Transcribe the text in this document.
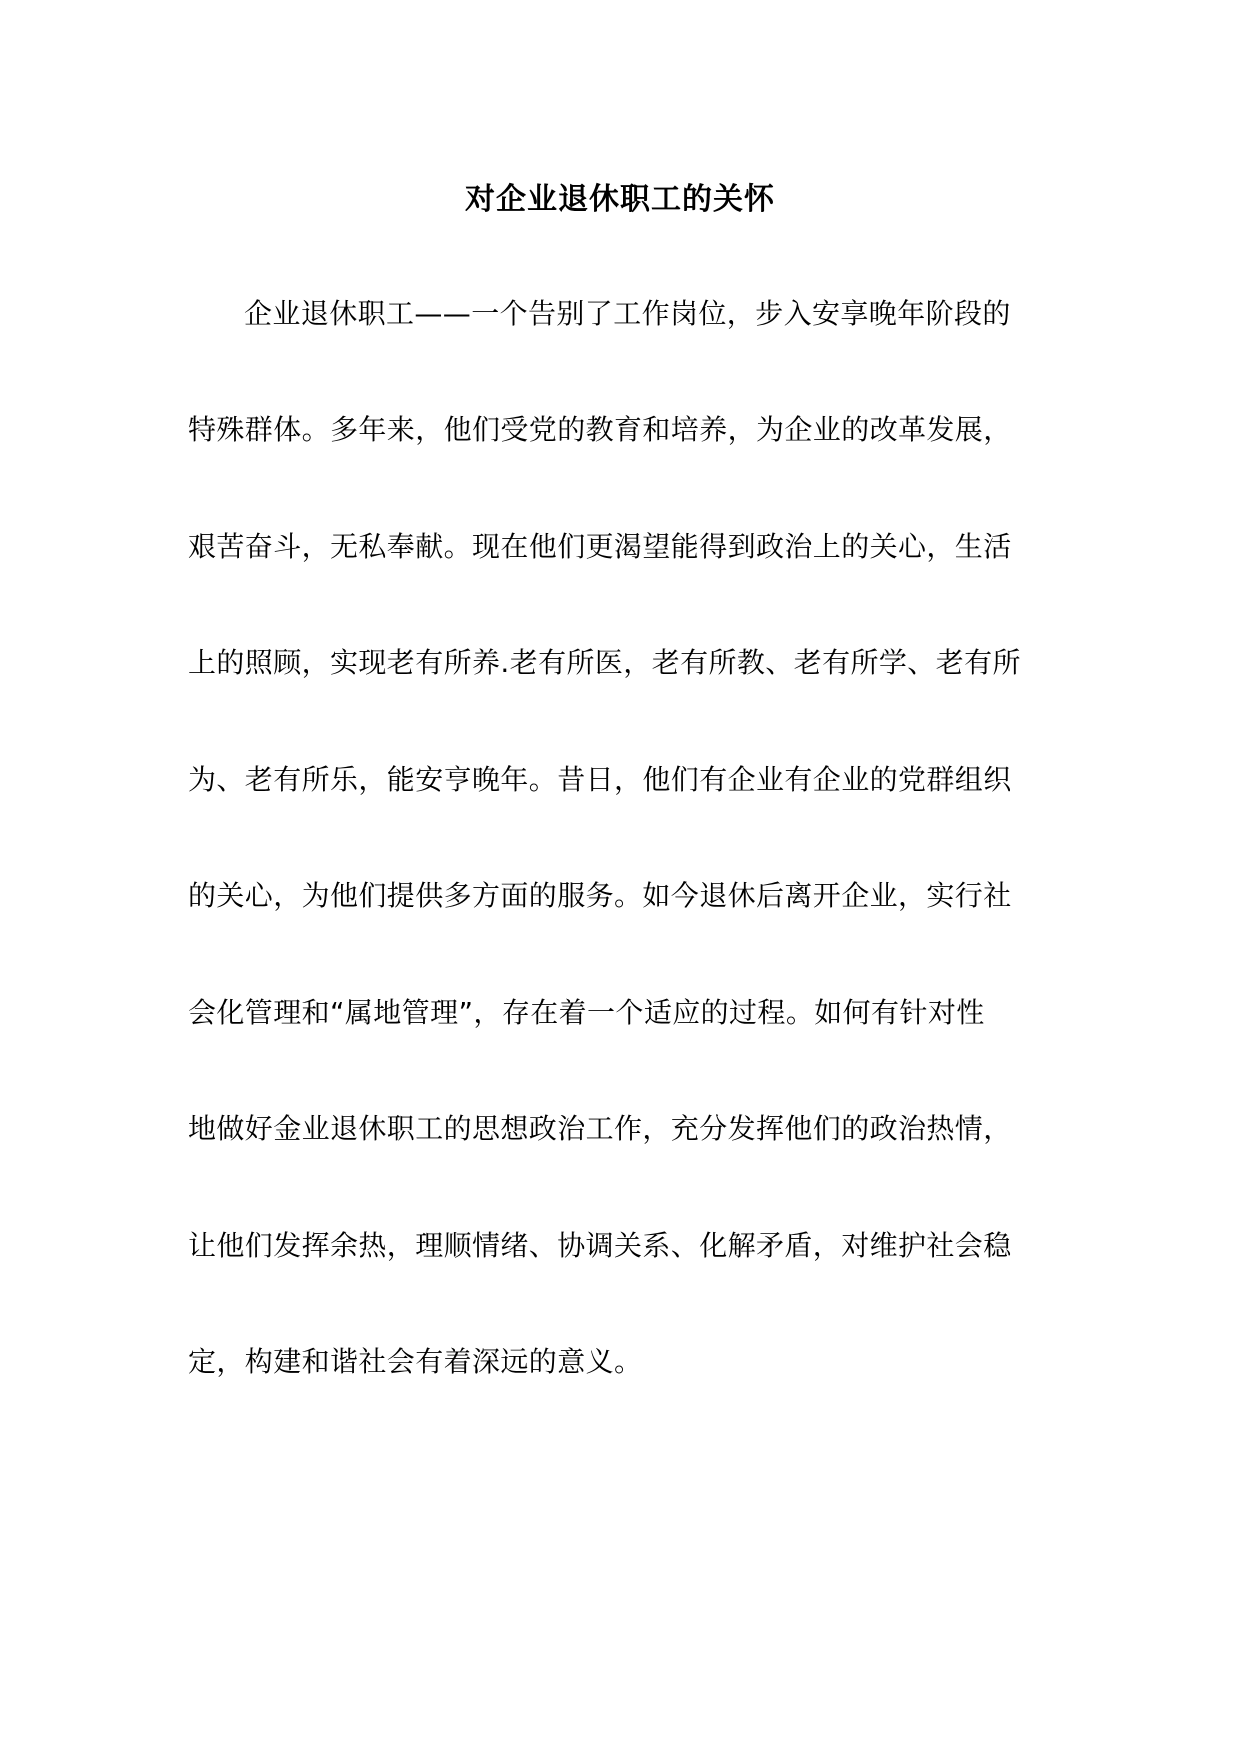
对企业退休职工的关怀
企业退休职工——一个告别了工作岗位，步入安享晚年阶段的
特殊群体。多年来，他们受党的教育和培养，为企业的改革发展，
艰苦奋斗，无私奉献。现在他们更渴望能得到政治上的关心，生活
上的照顾，实现老有所养.老有所医，老有所教、老有所学、老有所
为、老有所乐，能安亨晚年。昔日，他们有企业有企业的党群组织
的关心，为他们提供多方面的服务。如今退休后离开企业，实行社
会化管理和“属地管理”，存在着一个适应的过程。如何有针对性
地做好金业退休职工的思想政治工作，充分发挥他们的政治热情，
让他们发挥余热，理顺情绪、协调关系、化解矛盾，对维护社会稳
定，构建和谐社会有着深远的意义。
